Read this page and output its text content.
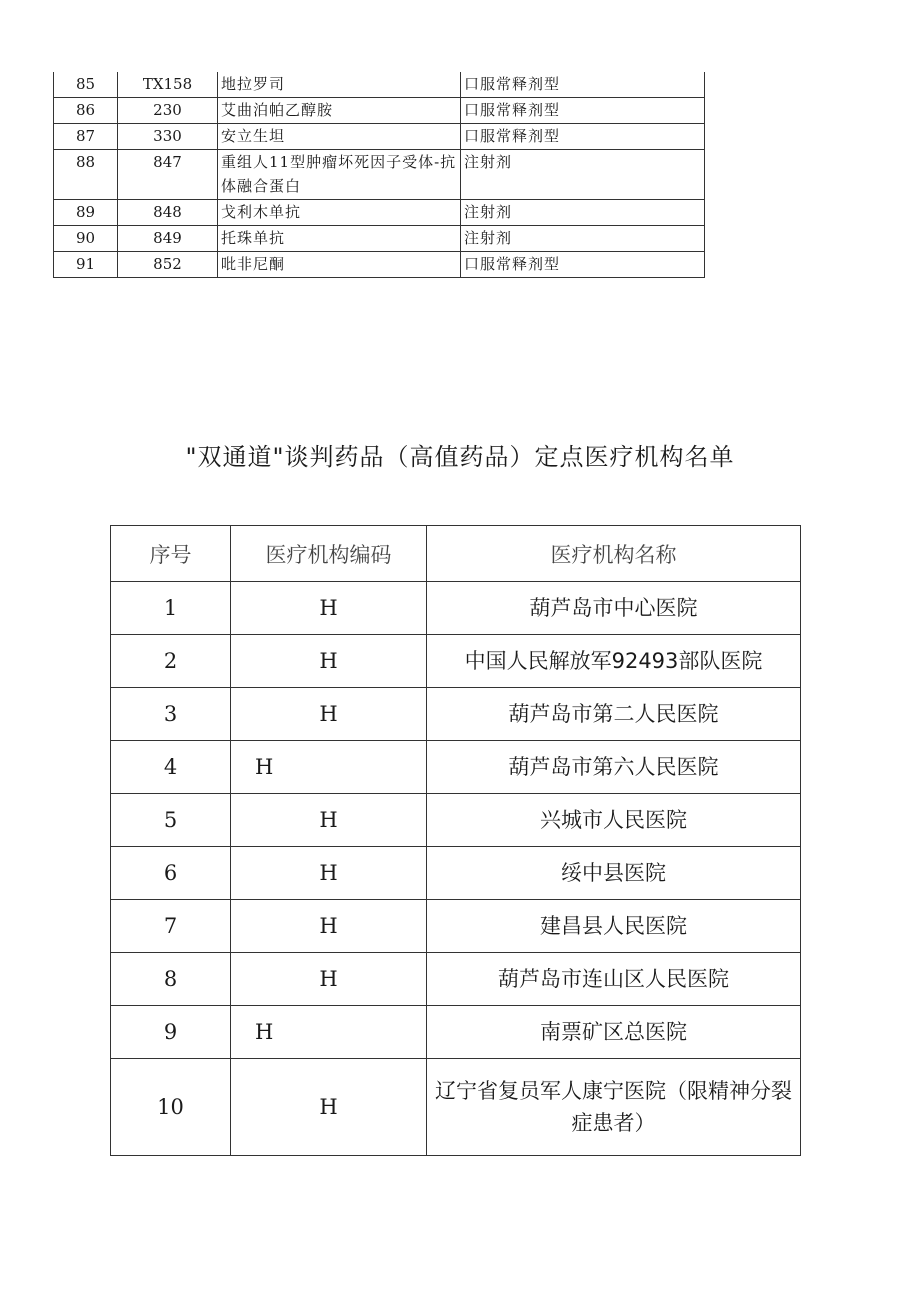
85	TX158	地拉罗司	口服常释剂型
86	230	艾曲泊帕乙醇胺	口服常释剂型
87	330	安立生坦	口服常释剂型
88	847	重组人11型肿瘤坏死因子受体-抗体融合蛋白	注射剂
89	848	戈利木单抗	注射剂
90	849	托珠单抗	注射剂
91	852	吡非尼酮	口服常释剂型
"双通道"谈判药品（高值药品）定点医疗机构名单
序号	医疗机构编码	医疗机构名称
1	H	葫芦岛市中心医院
2	H	中国人民解放军92493部队医院
3	H	葫芦岛市第二人民医院
4	H	葫芦岛市第六人民医院
5	H	兴城市人民医院
6	H	绥中县医院
7	H	建昌县人民医院
8	H	葫芦岛市连山区人民医院
9	H	南票矿区总医院
10	H	辽宁省复员军人康宁医院（限精神分裂症患者）
